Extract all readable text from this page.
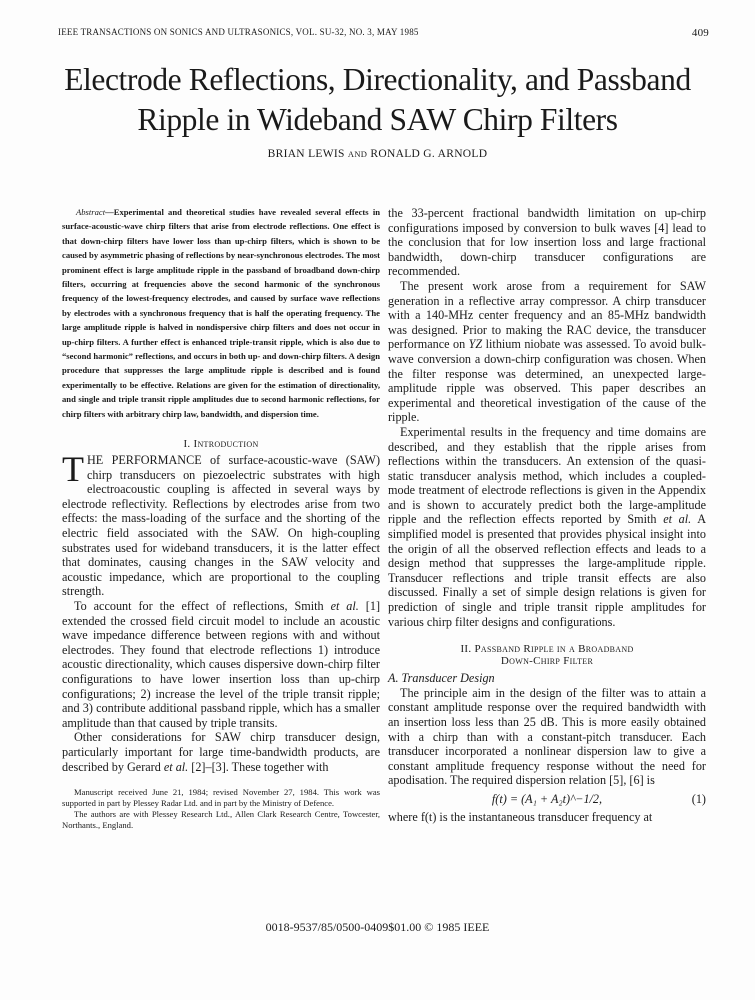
IEEE TRANSACTIONS ON SONICS AND ULTRASONICS, VOL. SU-32, NO. 3, MAY 1985	409
Electrode Reflections, Directionality, and Passband
Ripple in Wideband SAW Chirp Filters
BRIAN LEWIS AND RONALD G. ARNOLD

Abstract—Experimental and theoretical studies have revealed several effects in surface-acoustic-wave chirp filters that arise from electrode reflections. One effect is that down-chirp filters have lower loss than up-chirp filters, which is shown to be caused by asymmetric phasing of reflections by near-synchronous electrodes. The most prominent effect is large amplitude ripple in the passband of broadband down-chirp filters, occurring at frequencies above the second harmonic of the synchronous frequency of the lowest-frequency electrodes, and caused by surface wave reflections by electrodes with a synchronous frequency that is half the operating frequency. The large amplitude ripple is halved in nondispersive chirp filters and does not occur in up-chirp filters. A further effect is enhanced triple-transit ripple, which is also due to “second harmonic” reflections, and occurs in both up- and down-chirp filters. A design procedure that suppresses the large amplitude ripple is described and is found experimentally to be effective. Relations are given for the estimation of directionality, and single and triple transit ripple amplitudes due to second harmonic reflections, for chirp filters with arbitrary chirp law, bandwidth, and dispersion time.

I. Introduction

THE PERFORMANCE of surface-acoustic-wave (SAW) chirp transducers on piezoelectric substrates with high electroacoustic coupling is affected in several ways by electrode reflectivity. Reflections by electrodes arise from two effects: the mass-loading of the surface and the shorting of the electric field associated with the SAW. On high-coupling substrates used for wideband transducers, it is the latter effect that dominates, causing changes in the SAW velocity and acoustic impedance, which are proportional to the coupling strength.

To account for the effect of reflections, Smith et al. [1] extended the crossed field circuit model to include an acoustic wave impedance difference between regions with and without electrodes. They found that electrode reflections 1) introduce acoustic directionality, which causes dispersive down-chirp filter configurations to have lower insertion loss than up-chirp configurations; 2) increase the level of the triple transit ripple; and 3) contribute additional passband ripple, which has a smaller amplitude than that caused by triple transits.

Other considerations for SAW chirp transducer design, particularly important for large time-bandwidth products, are described by Gerard et al. [2]–[3]. These together with

Manuscript received June 21, 1984; revised November 27, 1984. This work was supported in part by Plessey Radar Ltd. and in part by the Ministry of Defence.

The authors are with Plessey Research Ltd., Allen Clark Research Centre, Towcester, Northants., England.

the 33-percent fractional bandwidth limitation on up-chirp configurations imposed by conversion to bulk waves [4] lead to the conclusion that for low insertion loss and large fractional bandwidth, down-chirp transducer configurations are recommended.

The present work arose from a requirement for SAW generation in a reflective array compressor. A chirp transducer with a 140-MHz center frequency and an 85-MHz bandwidth was designed. Prior to making the RAC device, the transducer performance on YZ lithium niobate was assessed. To avoid bulk-wave conversion a down-chirp configuration was chosen. When the filter response was determined, an unexpected large-amplitude ripple was observed. This paper describes an experimental and theoretical investigation of the cause of the ripple.

Experimental results in the frequency and time domains are described, and they establish that the ripple arises from reflections within the transducers. An extension of the quasi-static transducer analysis method, which includes a coupled-mode treatment of electrode reflections is given in the Appendix and is shown to accurately predict both the large-amplitude ripple and the reflection effects reported by Smith et al. A simplified model is presented that provides physical insight into the origin of all the observed reflection effects and leads to a design method that suppresses the large-amplitude ripple. Transducer reflections and triple transit effects are also discussed. Finally a set of simple design relations is given for prediction of single and triple transit ripple amplitudes for various chirp filter designs and configurations.

II. Passband Ripple in a Broadband
Down-Chirp Filter

A. Transducer Design

The principle aim in the design of the filter was to attain a constant amplitude response over the required bandwidth with an insertion loss less than 25 dB. This is more easily obtained with a chirp than with a constant-pitch transducer. Each transducer incorporated a nonlinear dispersion law to give a constant amplitude frequency response without the need for apodisation. The required dispersion relation [5], [6] is

f(t) = (A₁ + A₂t)^−1/2,	(1)

where f(t) is the instantaneous transducer frequency at

0018-9537/85/0500-0409$01.00 © 1985 IEEE
